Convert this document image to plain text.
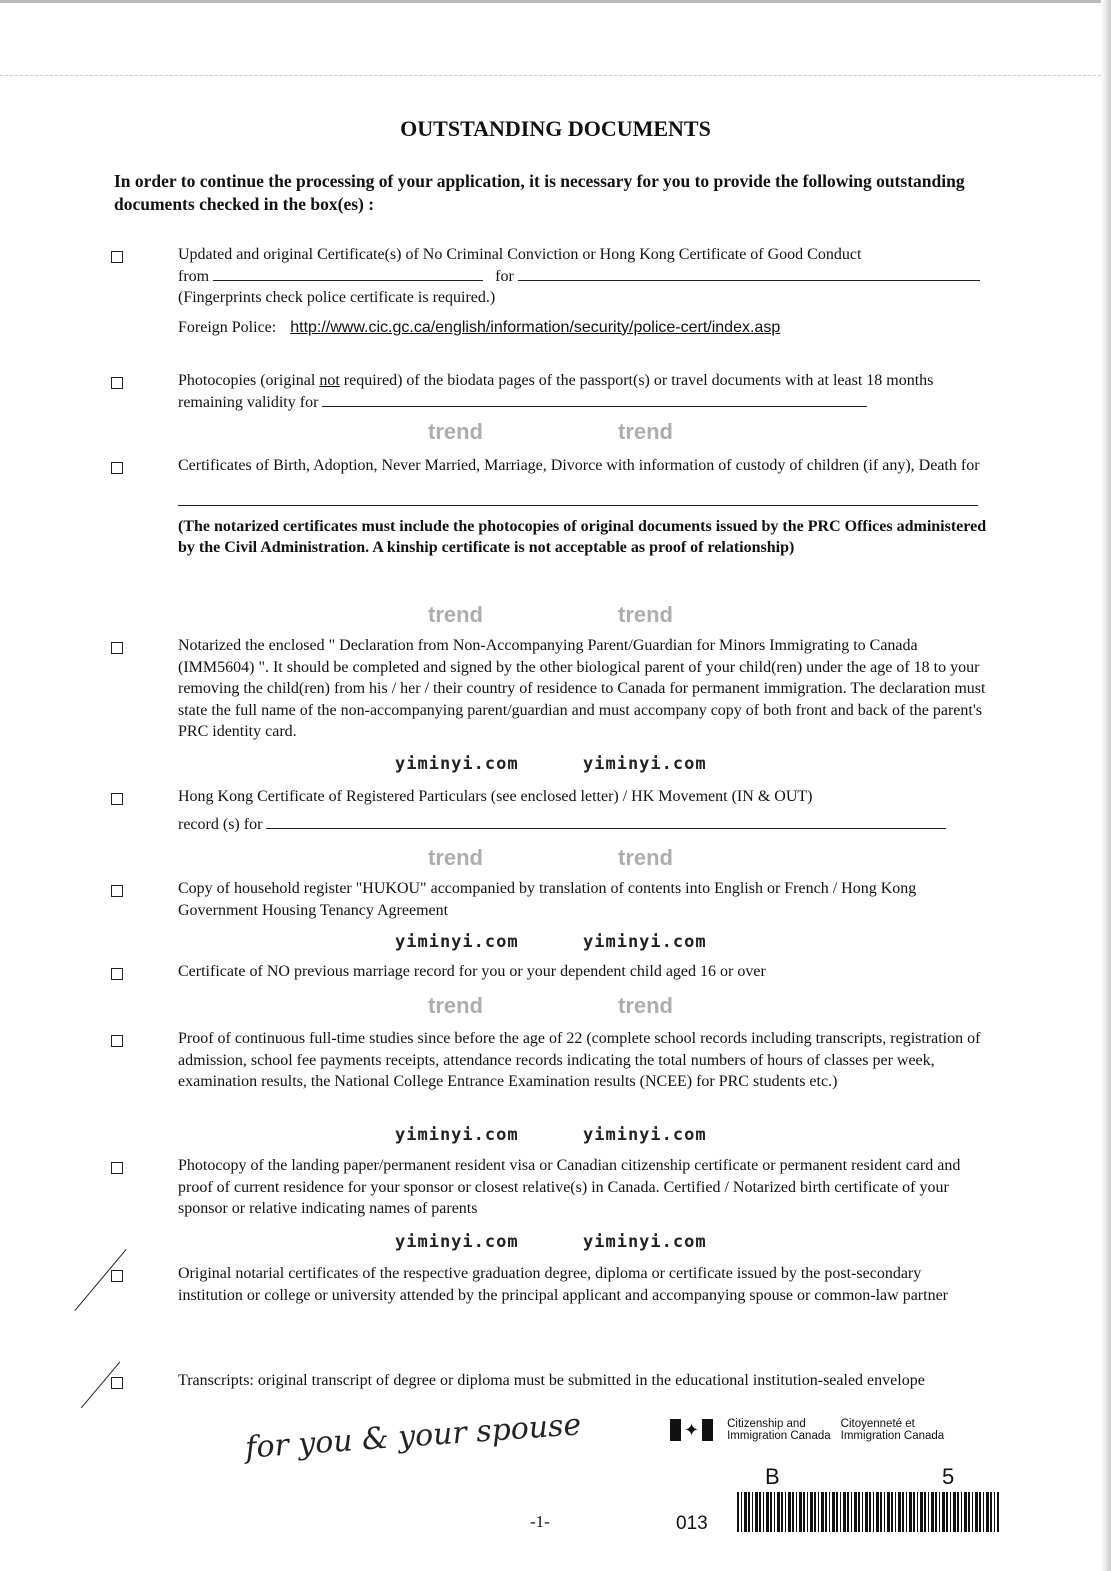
OUTSTANDING DOCUMENTS
In order to continue the processing of your application, it is necessary for you to provide the following outstanding documents checked in the box(es) :
Updated and original Certificate(s) of No Criminal Conviction or Hong Kong Certificate of Good Conduct
from	for
(Fingerprints check police certificate is required.)
Foreign Police: http://www.cic.gc.ca/english/information/security/police-cert/index.asp
Photocopies (original not required) of the biodata pages of the passport(s) or travel documents with at least 18 months remaining validity for
Certificates of Birth, Adoption, Never Married, Marriage, Divorce with information of custody of children (if any), Death for
(The notarized certificates must include the photocopies of original documents issued by the PRC Offices administered by the Civil Administration. A kinship certificate is not acceptable as proof of relationship)
Notarized the enclosed " Declaration from Non-Accompanying Parent/Guardian for Minors Immigrating to Canada (IMM5604) ". It should be completed and signed by the other biological parent of your child(ren) under the age of 18 to your removing the child(ren) from his / her / their country of residence to Canada for permanent immigration. The declaration must state the full name of the non-accompanying parent/guardian and must accompany copy of both front and back of the parent's PRC identity card.
Hong Kong Certificate of Registered Particulars (see enclosed letter) / HK Movement (IN & OUT)
record (s) for
Copy of household register "HUKOU" accompanied by translation of contents into English or French / Hong Kong Government Housing Tenancy Agreement
Certificate of NO previous marriage record for you or your dependent child aged 16 or over
Proof of continuous full-time studies since before the age of 22 (complete school records including transcripts, registration of admission, school fee payments receipts, attendance records indicating the total numbers of hours of classes per week, examination results, the National College Entrance Examination results (NCEE) for PRC students etc.)
Photocopy of the landing paper/permanent resident visa or Canadian citizenship certificate or permanent resident card and proof of current residence for your sponsor or closest relative(s) in Canada. Certified / Notarized birth certificate of your sponsor or relative indicating names of parents
Original notarial certificates of the respective graduation degree, diploma or certificate issued by the post-secondary institution or college or university attended by the principal applicant and accompanying spouse or common-law partner
Transcripts: original transcript of degree or diploma must be submitted in the educational institution-sealed envelope
for you & your spouse
trend	trend
trend	trend
yiminyi.com	yiminyi.com
trend	trend
yiminyi.com	yiminyi.com
trend	trend
yiminyi.com	yiminyi.com
yiminyi.com	yiminyi.com
✦ Citizenship and
Immigration Canada
Citoyenneté et
Immigration Canada
B	5
013
-1-
